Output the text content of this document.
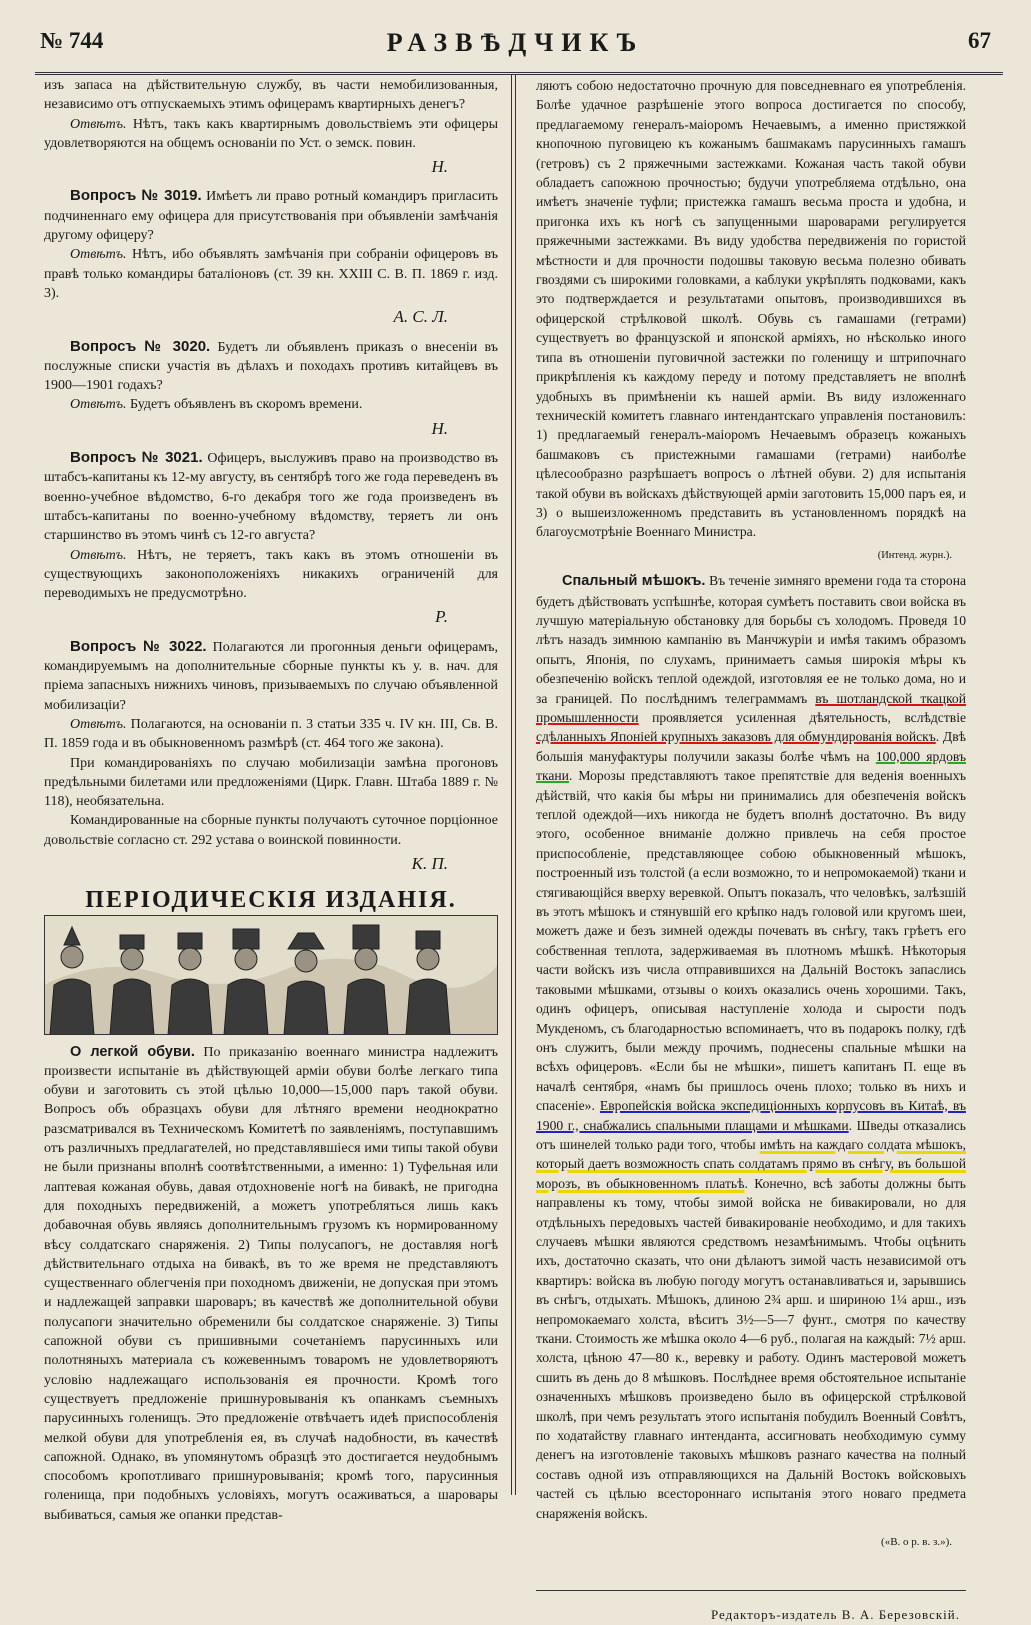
№ 744	РАЗВѢДЧИКЪ	67

изъ запаса на дѣйствительную службу, въ части немобилизованныя, независимо отъ отпускаемыхъ этимъ офицерамъ квартирныхъ денегъ?

Отвѣтъ. Нѣтъ, такъ какъ квартирнымъ довольствіемъ эти офицеры удовлетворяются на общемъ основаніи по Уст. о земск. повин.

Н.

Вопросъ № 3019. Имѣетъ ли право ротный командиръ пригласить подчиненнаго ему офицера для присутствованія при объявленіи замѣчанія другому офицеру?

Отвѣтъ. Нѣтъ, ибо объявлять замѣчанія при собраніи офицеровъ въ правѣ только командиры баталіоновъ (ст. 39 кн. XXIII С. В. П. 1869 г. изд. 3).

А. С. Л.

Вопросъ № 3020. Будетъ ли объявленъ приказъ о внесеніи въ послужные списки участія въ дѣлахъ и походахъ противъ китайцевъ въ 1900—1901 годахъ?

Отвѣтъ. Будетъ объявленъ въ скоромъ времени.

Н.

Вопросъ № 3021. Офицеръ, выслуживъ право на производство въ штабсъ-капитаны къ 12-му августу, въ сентябрѣ того же года переведенъ въ военно-учебное вѣдомство, 6-го декабря того же года произведенъ въ штабсъ-капитаны по военно-учебному вѣдомству, теряетъ ли онъ старшинство въ этомъ чинѣ съ 12-го августа?

Отвѣтъ. Нѣтъ, не теряетъ, такъ какъ въ этомъ отношеніи въ существующихъ законоположеніяхъ никакихъ ограниченій для переводимыхъ не предусмотрѣно.

Р.

Вопросъ № 3022. Полагаются ли прогонныя деньги офицерамъ, командируемымъ на дополнительные сборные пункты къ у. в. нач. для пріема запасныхъ нижнихъ чиновъ, призываемыхъ по случаю объявленной мобилизаціи?

Отвѣтъ. Полагаются, на основаніи п. 3 статьи 335 ч. IV кн. III, Св. В. П. 1859 года и въ обыкновенномъ размѣрѣ (ст. 464 того же закона).

При командированіяхъ по случаю мобилизаціи замѣна прогоновъ предѣльными билетами или предложеніями (Цирк. Главн. Штаба 1889 г. № 118), необязательна.

Командированные на сборные пункты получаютъ суточное порціонное довольствіе согласно ст. 292 устава о воинской повинности.

К. П.

ПЕРІОДИЧЕСКІЯ ИЗДАНІЯ.

О легкой обуви. По приказанію военнаго министра надлежитъ произвести испытаніе въ дѣйствующей арміи обуви болѣе легкаго типа обуви и заготовить съ этой цѣлью 10,000—15,000 паръ такой обуви. Вопросъ объ образцахъ обуви для лѣтняго времени неоднократно разсматривался въ Техническомъ Комитетѣ по заявленіямъ, поступавшимъ отъ различныхъ предлагателей, но представлявшіеся ими типы такой обуви не были признаны вполнѣ соотвѣтственными, а именно: 1) Туфельная или лаптевая кожаная обувь, давая отдохновеніе ногѣ на бивакѣ, не пригодна для походныхъ передвиженій, а можетъ употребляться лишь какъ добавочная обувь являясь дополнительнымъ грузомъ къ нормированному вѣсу солдатскаго снаряженія. 2) Типы полусапогъ, не доставляя ногѣ дѣйствительнаго отдыха на бивакѣ, въ то же время не представляютъ существеннаго облегченія при походномъ движеніи, не допуская при этомъ и надлежащей заправки шароваръ; въ качествѣ же дополнительной обуви полусапоги значительно обременили бы солдатское снаряженіе. 3) Типы сапожной обуви съ пришивными сочетаніемъ парусинныхъ или полотняныхъ материала съ кожевеннымъ товаромъ не удовлетворяютъ условію надлежащаго использованія ея прочности. Кромѣ того существуетъ предложеніе пришнуровыванія къ опанкамъ съемныхъ парусинныхъ голенищъ. Это предложеніе отвѣчаетъ идеѣ приспособленія мелкой обуви для употребленія ея, въ случаѣ надобности, въ качествѣ сапожной. Однако, въ упомянутомъ образцѣ это достигается неудобнымъ способомъ кропотливаго пришнуровыванія; кромѣ того, парусинныя голенища, при подобныхъ условіяхъ, могутъ осаживаться, а шаровары выбиваться, самыя же опанки представ-

ляютъ собою недостаточно прочную для повседневнаго ея употребленія. Болѣе удачное разрѣшеніе этого вопроса достигается по способу, предлагаемому генералъ-маіоромъ Нечаевымъ, а именно пристяжкой кнопочною пуговицею къ кожанымъ башмакамъ парусинныхъ гамашъ (гетровъ) съ 2 пряжечными застежками. Кожаная часть такой обуви обладаетъ сапожною прочностью; будучи употребляема отдѣльно, она имѣетъ значеніе туфли; пристежка гамашъ весьма проста и удобна, и пригонка ихъ къ ногѣ съ запущенными шароварами регулируется пряжечными застежками. Въ виду удобства передвиженія по гористой мѣстности и для прочности подошвы таковую весьма полезно обивать гвоздями съ широкими головками, а каблуки укрѣплять подковами, какъ это подтверждается и результатами опытовъ, производившихся въ офицерской стрѣлковой школѣ. Обувь съ гамашами (гетрами) существуетъ во французской и японской арміяхъ, но нѣсколько иного типа въ отношеніи пуговичной застежки по голенищу и штрипочнаго прикрѣпленія къ каждому переду и потому представляетъ не вполнѣ удобныхъ въ примѣненіи къ нашей арміи. Въ виду изложеннаго техническій комитетъ главнаго интендантскаго управленія постановилъ: 1) предлагаемый генералъ-маіоромъ Нечаевымъ образецъ кожаныхъ башмаковъ съ пристежными гамашами (гетрами) наиболѣе цѣлесообразно разрѣшаетъ вопросъ о лѣтней обуви. 2) для испытанія такой обуви въ войскахъ дѣйствующей арміи заготовить 15,000 паръ ея, и 3) о вышеизложенномъ представить въ установленномъ порядкѣ на благоусмотрѣніе Военнаго Министра.

(Интенд. журн.).

Спальный мѣшокъ. Въ теченіе зимняго времени года та сторона будетъ дѣйствовать успѣшнѣе, которая сумѣетъ поставить свои войска въ лучшую матеріальную обстановку для борьбы съ холодомъ. Проведя 10 лѣтъ назадъ зимнюю кампанію въ Манчжуріи и имѣя такимъ образомъ опытъ, Японія, по слухамъ, принимаетъ самыя широкія мѣры къ обезпеченію войскъ теплой одеждой, изготовляя ее не только дома, но и за границей. По послѣднимъ телеграммамъ въ шотландской ткацкой промышленности проявляется усиленная дѣятельность, вслѣдствіе сдѣланныхъ Японіей крупныхъ заказовъ для обмундированія войскъ. Двѣ большія мануфактуры получили заказы болѣе чѣмъ на 100,000 ярдовъ ткани. Морозы представляютъ такое препятствіе для веденія военныхъ дѣйствій, что какія бы мѣры ни принимались для обезпеченія войскъ теплой одеждой—ихъ никогда не будетъ вполнѣ достаточно. Въ виду этого, особенное вниманіе должно привлечь на себя простое приспособленіе, представляющее собою обыкновенный мѣшокъ, построенный изъ толстой (а если возможно, то и непромокаемой) ткани и стягивающійся вверху веревкой. Опытъ показалъ, что человѣкъ, залѣзшій въ этотъ мѣшокъ и стянувшій его крѣпко надъ головой или кругомъ шеи, можетъ даже и безъ зимней одежды почевать въ снѣгу, такъ грѣетъ его собственная теплота, задерживаемая въ плотномъ мѣшкѣ. Нѣкоторыя части войскъ изъ числа отправившихся на Дальній Востокъ запаслись таковыми мѣшками, отзывы о коихъ оказались очень хорошими. Такъ, одинъ офицеръ, описывая наступленіе холода и сырости подъ Мукденомъ, съ благодарностью вспоминаетъ, что въ подарокъ полку, гдѣ онъ служитъ, были между прочимъ, поднесены спальные мѣшки на всѣхъ офицеровъ. «Если бы не мѣшки», пишетъ капитанъ П. еще въ началѣ сентября, «намъ бы пришлось очень плохо; только въ нихъ и спасеніе». Европейскія войска экспедиціонныхъ корпусовъ въ Китаѣ, въ 1900 г., снабжались спальными плащами и мѣшками. Шведы отказались отъ шинелей только ради того, чтобы имѣть на каждаго солдата мѣшокъ, который даетъ возможность спать солдатамъ прямо въ снѣгу, въ большой морозъ, въ обыкновенномъ платьѣ. Конечно, всѣ заботы должны быть направлены къ тому, чтобы зимой войска не бивакировали, но для отдѣльныхъ передовыхъ частей бивакированіе необходимо, и для такихъ случаевъ мѣшки являются средствомъ незамѣнимымъ. Чтобы оцѣнить ихъ, достаточно сказать, что они дѣлаютъ зимой часть независимой отъ квартиръ: войска въ любую погоду могутъ останавливаться и, зарывшись въ снѣгъ, отдыхать. Мѣшокъ, длиною 2¾ арш. и шириною 1¼ арш., изъ непромокаемаго холста, вѣситъ 3½—5—7 фунт., смотря по качеству ткани. Стоимость же мѣшка около 4—6 руб., полагая на каждый: 7½ арш. холста, цѣною 47—80 к., веревку и работу. Одинъ мастеровой можетъ сшить въ день до 8 мѣшковъ. Послѣднее время обстоятельное испытаніе означенныхъ мѣшковъ произведено было въ офицерской стрѣлковой школѣ, при чемъ результатъ этого испытанія побудилъ Военный Совѣтъ, по ходатайству главнаго интенданта, ассигновать необходимую сумму денегъ на изготовленіе таковыхъ мѣшковъ разнаго качества на полный составъ одной изъ отправляющихся на Дальній Востокъ войсковыхъ частей съ цѣлью всестороннаго испытанія этого новаго предмета снаряженія войскъ.

(«В. о р. в. з.»).

Редакторъ-издатель В. А. Березовскій.
